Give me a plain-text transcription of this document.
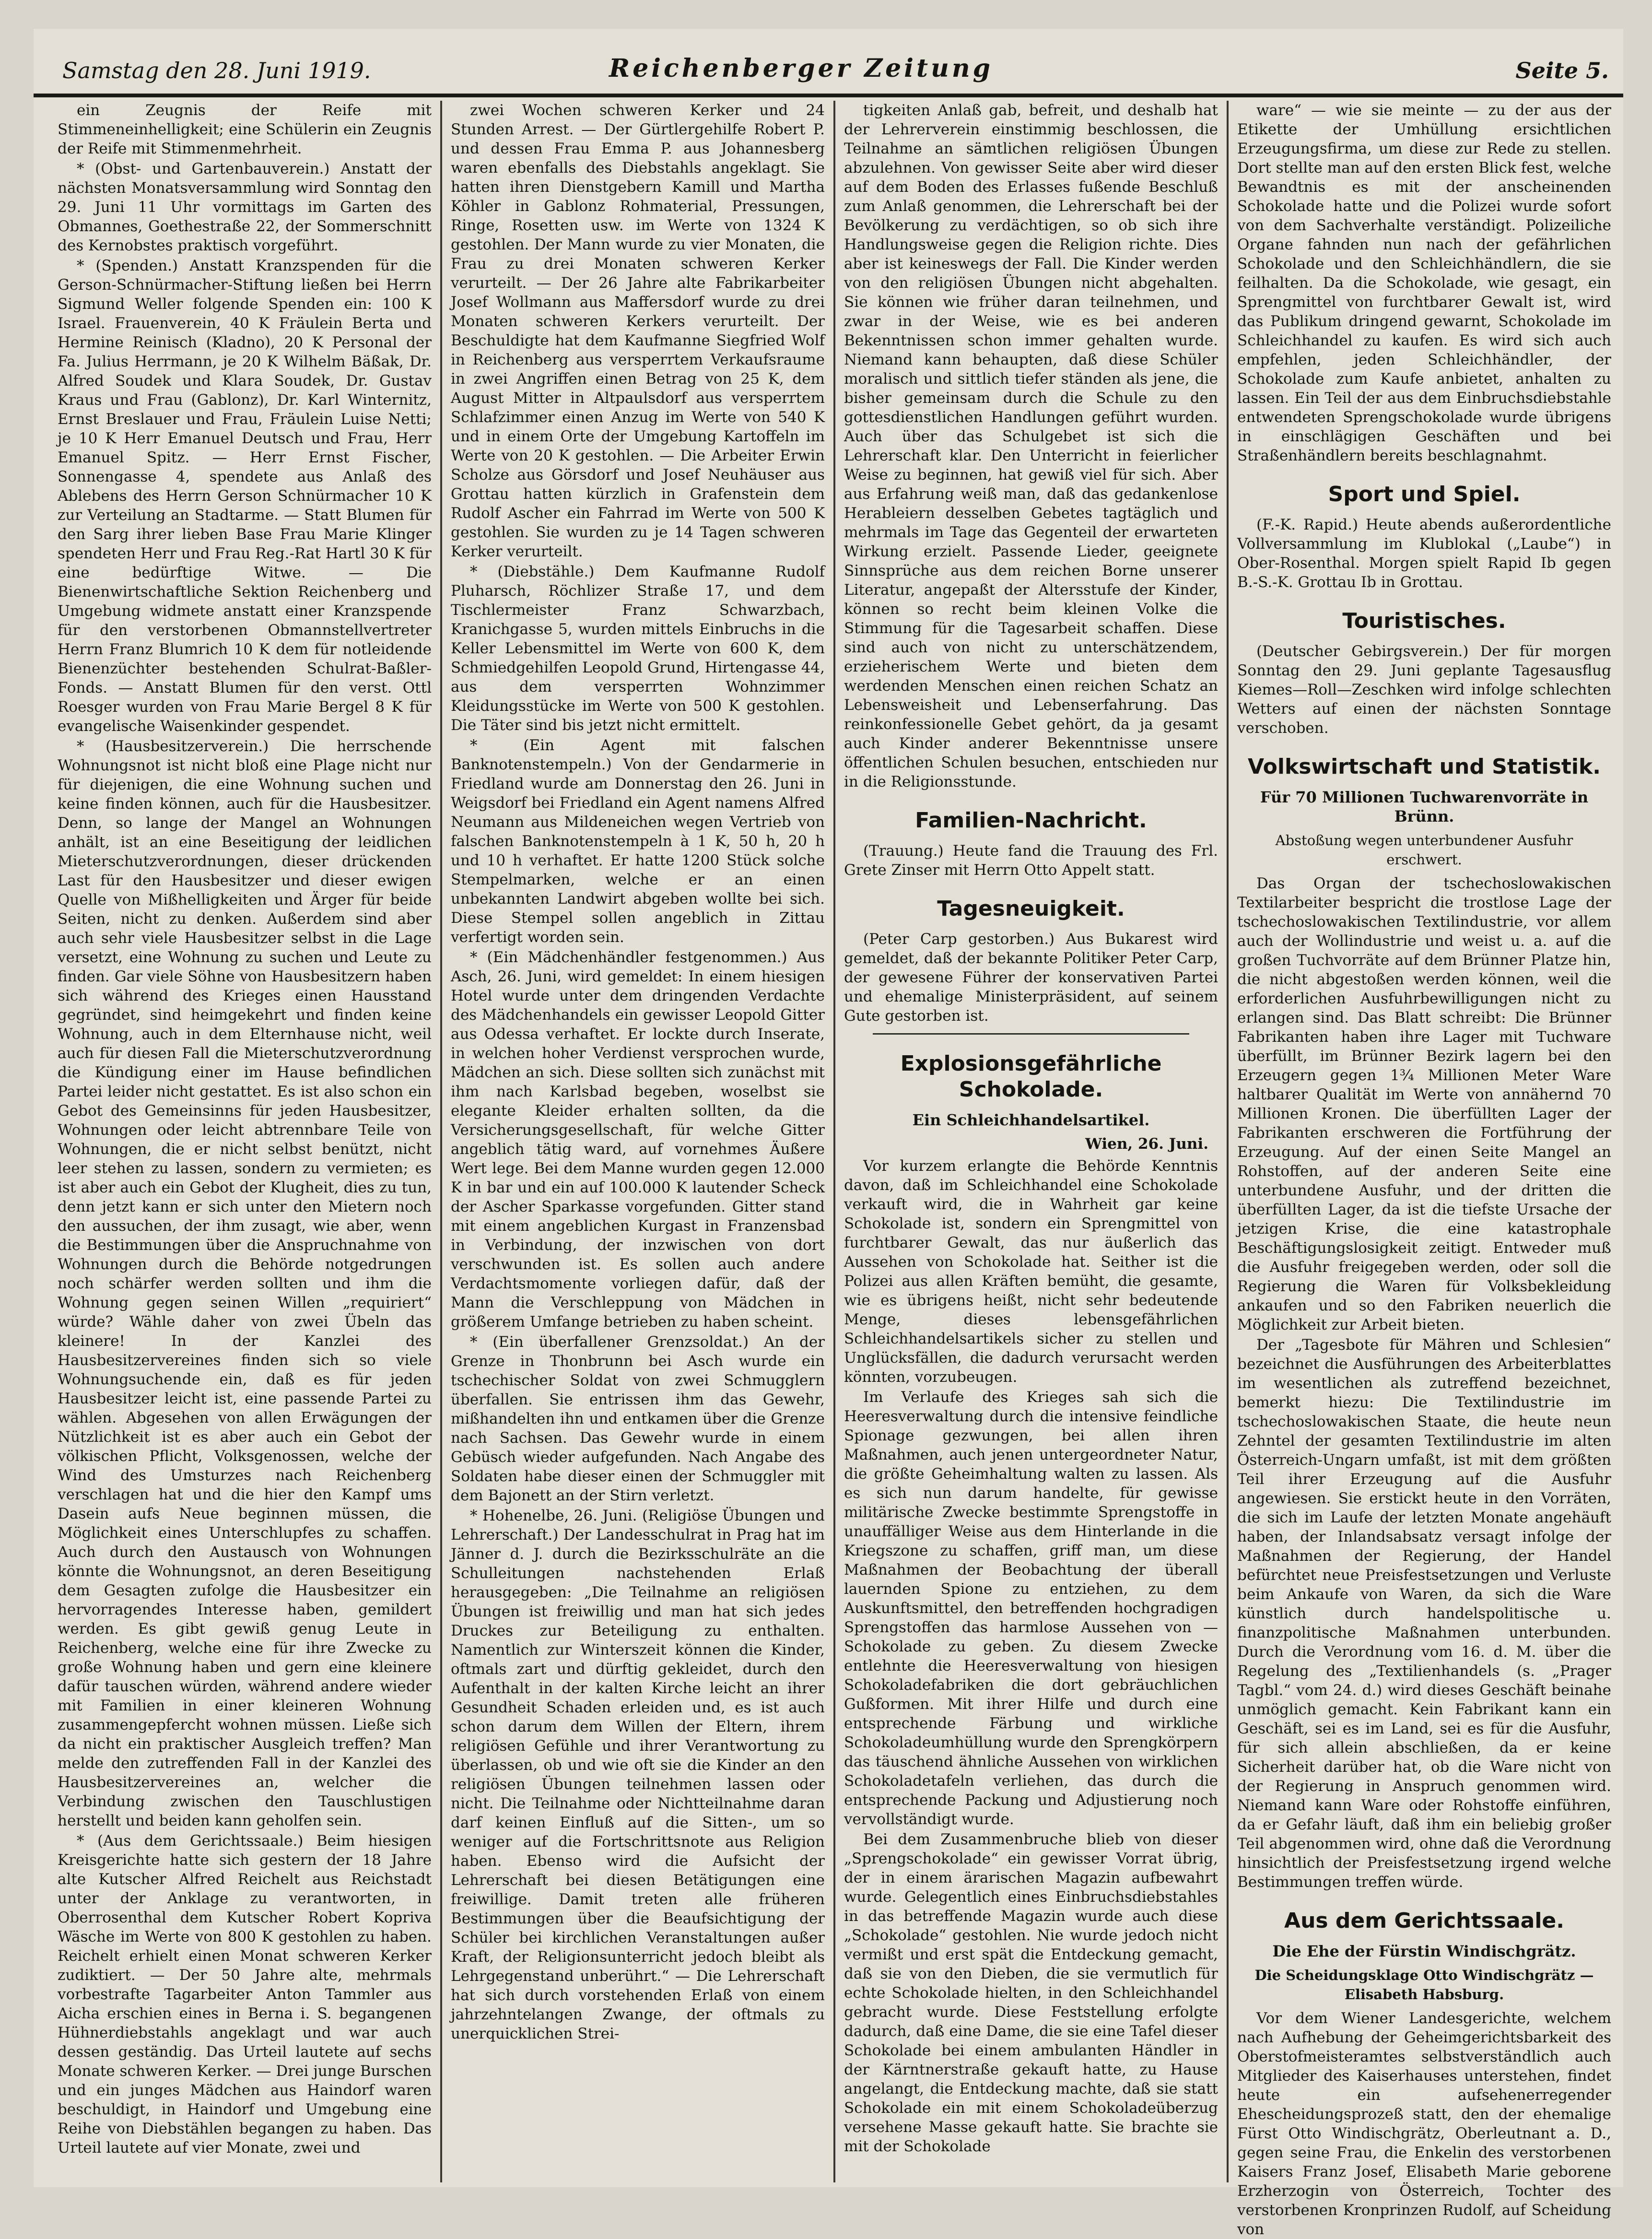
Samstag den 28. Juni 1919.	Reichenberger Zeitung	Seite 5.

ein Zeugnis der Reife mit Stimmeneinhelligkeit; eine Schülerin ein Zeugnis der Reife mit Stimmenmehrheit.

* (Obst- und Gartenbauverein.) Anstatt der nächsten Monatsversammlung wird Sonntag den 29. Juni 11 Uhr vormittags im Garten des Obmannes, Goethestraße 22, der Sommerschnitt des Kernobstes praktisch vorgeführt.

* (Spenden.) Anstatt Kranzspenden für die Gerson-Schnürmacher-Stiftung ließen bei Herrn Sigmund Weller folgende Spenden ein: 100 K Israel. Frauenverein, 40 K Fräulein Berta und Hermine Reinisch (Kladno), 20 K Personal der Fa. Julius Herrmann, je 20 K Wilhelm Bäßak, Dr. Alfred Soudek und Klara Soudek, Dr. Gustav Kraus und Frau (Gablonz), Dr. Karl Winternitz, Ernst Breslauer und Frau, Fräulein Luise Netti; je 10 K Herr Emanuel Deutsch und Frau, Herr Emanuel Spitz. — Herr Ernst Fischer, Sonnengasse 4, spendete aus Anlaß des Ablebens des Herrn Gerson Schnürmacher 10 K zur Verteilung an Stadtarme. — Statt Blumen für den Sarg ihrer lieben Base Frau Marie Klinger spendeten Herr und Frau Reg.-Rat Hartl 30 K für eine bedürftige Witwe. — Die Bienenwirtschaftliche Sektion Reichenberg und Umgebung widmete anstatt einer Kranzspende für den verstorbenen Obmannstellvertreter Herrn Franz Blumrich 10 K dem für notleidende Bienenzüchter bestehenden Schulrat-Baßler-Fonds. — Anstatt Blumen für den verst. Ottl Roesger wurden von Frau Marie Bergel 8 K für evangelische Waisenkinder gespendet.

* (Hausbesitzerverein.) Die herrschende Wohnungsnot ist nicht bloß eine Plage nicht nur für diejenigen, die eine Wohnung suchen und keine finden können, auch für die Hausbesitzer. Denn, so lange der Mangel an Wohnungen anhält, ist an eine Beseitigung der leidlichen Mieterschutzverordnungen, dieser drückenden Last für den Hausbesitzer und dieser ewigen Quelle von Mißhelligkeiten und Ärger für beide Seiten, nicht zu denken. Außerdem sind aber auch sehr viele Hausbesitzer selbst in die Lage versetzt, eine Wohnung zu suchen und Leute zu finden. Gar viele Söhne von Hausbesitzern haben sich während des Krieges einen Hausstand gegründet, sind heimgekehrt und finden keine Wohnung, auch in dem Elternhause nicht, weil auch für diesen Fall die Mieterschutzverordnung die Kündigung einer im Hause befindlichen Partei leider nicht gestattet. Es ist also schon ein Gebot des Gemeinsinns für jeden Hausbesitzer, Wohnungen oder leicht abtrennbare Teile von Wohnungen, die er nicht selbst benützt, nicht leer stehen zu lassen, sondern zu vermieten; es ist aber auch ein Gebot der Klugheit, dies zu tun, denn jetzt kann er sich unter den Mietern noch den aussuchen, der ihm zusagt, wie aber, wenn die Bestimmungen über die Anspruchnahme von Wohnungen durch die Behörde notgedrungen noch schärfer werden sollten und ihm die Wohnung gegen seinen Willen „requiriert“ würde? Wähle daher von zwei Übeln das kleinere! In der Kanzlei des Hausbesitzervereines finden sich so viele Wohnungsuchende ein, daß es für jeden Hausbesitzer leicht ist, eine passende Partei zu wählen. Abgesehen von allen Erwägungen der Nützlichkeit ist es aber auch ein Gebot der völkischen Pflicht, Volksgenossen, welche der Wind des Umsturzes nach Reichenberg verschlagen hat und die hier den Kampf ums Dasein aufs Neue beginnen müssen, die Möglichkeit eines Unterschlupfes zu schaffen. Auch durch den Austausch von Wohnungen könnte die Wohnungsnot, an deren Beseitigung dem Gesagten zufolge die Hausbesitzer ein hervorragendes Interesse haben, gemildert werden. Es gibt gewiß genug Leute in Reichenberg, welche eine für ihre Zwecke zu große Wohnung haben und gern eine kleinere dafür tauschen würden, während andere wieder mit Familien in einer kleineren Wohnung zusammengepfercht wohnen müssen. Ließe sich da nicht ein praktischer Ausgleich treffen? Man melde den zutreffenden Fall in der Kanzlei des Hausbesitzervereines an, welcher die Verbindung zwischen den Tauschlustigen herstellt und beiden kann geholfen sein.

* (Aus dem Gerichtssaale.) Beim hiesigen Kreisgerichte hatte sich gestern der 18 Jahre alte Kutscher Alfred Reichelt aus Reichstadt unter der Anklage zu verantworten, in Oberrosenthal dem Kutscher Robert Kopriva Wäsche im Werte von 800 K gestohlen zu haben. Reichelt erhielt einen Monat schweren Kerker zudiktiert. — Der 50 Jahre alte, mehrmals vorbestrafte Tagarbeiter Anton Tammler aus Aicha erschien eines in Berna i. S. begangenen Hühnerdiebstahls angeklagt und war auch dessen geständig. Das Urteil lautete auf sechs Monate schweren Kerker. — Drei junge Burschen und ein junges Mädchen aus Haindorf waren beschuldigt, in Haindorf und Umgebung eine Reihe von Diebstählen begangen zu haben. Das Urteil lautete auf vier Monate, zwei und

zwei Wochen schweren Kerker und 24 Stunden Arrest. — Der Gürtlergehilfe Robert P. und dessen Frau Emma P. aus Johannesberg waren ebenfalls des Diebstahls angeklagt. Sie hatten ihren Dienstgebern Kamill und Martha Köhler in Gablonz Rohmaterial, Pressungen, Ringe, Rosetten usw. im Werte von 1324 K gestohlen. Der Mann wurde zu vier Monaten, die Frau zu drei Monaten schweren Kerker verurteilt. — Der 26 Jahre alte Fabrikarbeiter Josef Wollmann aus Maffersdorf wurde zu drei Monaten schweren Kerkers verurteilt. Der Beschuldigte hat dem Kaufmanne Siegfried Wolf in Reichenberg aus versperrtem Verkaufsraume in zwei Angriffen einen Betrag von 25 K, dem August Mitter in Altpaulsdorf aus versperrtem Schlafzimmer einen Anzug im Werte von 540 K und in einem Orte der Umgebung Kartoffeln im Werte von 20 K gestohlen. — Die Arbeiter Erwin Scholze aus Görsdorf und Josef Neuhäuser aus Grottau hatten kürzlich in Grafenstein dem Rudolf Ascher ein Fahrrad im Werte von 500 K gestohlen. Sie wurden zu je 14 Tagen schweren Kerker verurteilt.

* (Diebstähle.) Dem Kaufmanne Rudolf Pluharsch, Röchlizer Straße 17, und dem Tischlermeister Franz Schwarzbach, Kranichgasse 5, wurden mittels Einbruchs in die Keller Lebensmittel im Werte von 600 K, dem Schmiedgehilfen Leopold Grund, Hirtengasse 44, aus dem versperrten Wohnzimmer Kleidungsstücke im Werte von 500 K gestohlen. Die Täter sind bis jetzt nicht ermittelt.

* (Ein Agent mit falschen Banknotenstempeln.) Von der Gendarmerie in Friedland wurde am Donnerstag den 26. Juni in Weigsdorf bei Friedland ein Agent namens Alfred Neumann aus Mildeneichen wegen Vertrieb von falschen Banknotenstempeln à 1 K, 50 h, 20 h und 10 h verhaftet. Er hatte 1200 Stück solche Stempelmarken, welche er an einen unbekannten Landwirt abgeben wollte bei sich. Diese Stempel sollen angeblich in Zittau verfertigt worden sein.

* (Ein Mädchenhändler festgenommen.) Aus Asch, 26. Juni, wird gemeldet: In einem hiesigen Hotel wurde unter dem dringenden Verdachte des Mädchenhandels ein gewisser Leopold Gitter aus Odessa verhaftet. Er lockte durch Inserate, in welchen hoher Verdienst versprochen wurde, Mädchen an sich. Diese sollten sich zunächst mit ihm nach Karlsbad begeben, woselbst sie elegante Kleider erhalten sollten, da die Versicherungsgesellschaft, für welche Gitter angeblich tätig ward, auf vornehmes Äußere Wert lege. Bei dem Manne wurden gegen 12.000 K in bar und ein auf 100.000 K lautender Scheck der Ascher Sparkasse vorgefunden. Gitter stand mit einem angeblichen Kurgast in Franzensbad in Verbindung, der inzwischen von dort verschwunden ist. Es sollen auch andere Verdachtsmomente vorliegen dafür, daß der Mann die Verschleppung von Mädchen in größerem Umfange betrieben zu haben scheint.

* (Ein überfallener Grenzsoldat.) An der Grenze in Thonbrunn bei Asch wurde ein tschechischer Soldat von zwei Schmugglern überfallen. Sie entrissen ihm das Gewehr, mißhandelten ihn und entkamen über die Grenze nach Sachsen. Das Gewehr wurde in einem Gebüsch wieder aufgefunden. Nach Angabe des Soldaten habe dieser einen der Schmuggler mit dem Bajonett an der Stirn verletzt.

* Hohenelbe, 26. Juni. (Religiöse Übungen und Lehrerschaft.) Der Landesschulrat in Prag hat im Jänner d. J. durch die Bezirksschulräte an die Schulleitungen nachstehenden Erlaß herausgegeben: „Die Teilnahme an religiösen Übungen ist freiwillig und man hat sich jedes Druckes zur Beteiligung zu enthalten. Namentlich zur Winterszeit können die Kinder, oftmals zart und dürftig gekleidet, durch den Aufenthalt in der kalten Kirche leicht an ihrer Gesundheit Schaden erleiden und, es ist auch schon darum dem Willen der Eltern, ihrem religiösen Gefühle und ihrer Verantwortung zu überlassen, ob und wie oft sie die Kinder an den religiösen Übungen teilnehmen lassen oder nicht. Die Teilnahme oder Nichtteilnahme daran darf keinen Einfluß auf die Sitten-, um so weniger auf die Fortschrittsnote aus Religion haben. Ebenso wird die Aufsicht der Lehrerschaft bei diesen Betätigungen eine freiwillige. Damit treten alle früheren Bestimmungen über die Beaufsichtigung der Schüler bei kirchlichen Veranstaltungen außer Kraft, der Religionsunterricht jedoch bleibt als Lehrgegenstand unberührt.“ — Die Lehrerschaft hat sich durch vorstehenden Erlaß von einem jahrzehntelangen Zwange, der oftmals zu unerquicklichen Strei-

tigkeiten Anlaß gab, befreit, und deshalb hat der Lehrerverein einstimmig beschlossen, die Teilnahme an sämtlichen religiösen Übungen abzulehnen. Von gewisser Seite aber wird dieser auf dem Boden des Erlasses fußende Beschluß zum Anlaß genommen, die Lehrerschaft bei der Bevölkerung zu verdächtigen, so ob sich ihre Handlungsweise gegen die Religion richte. Dies aber ist keineswegs der Fall. Die Kinder werden von den religiösen Übungen nicht abgehalten. Sie können wie früher daran teilnehmen, und zwar in der Weise, wie es bei anderen Bekenntnissen schon immer gehalten wurde. Niemand kann behaupten, daß diese Schüler moralisch und sittlich tiefer ständen als jene, die bisher gemeinsam durch die Schule zu den gottesdienstlichen Handlungen geführt wurden. Auch über das Schulgebet ist sich die Lehrerschaft klar. Den Unterricht in feierlicher Weise zu beginnen, hat gewiß viel für sich. Aber aus Erfahrung weiß man, daß das gedankenlose Herableiern desselben Gebetes tagtäglich und mehrmals im Tage das Gegenteil der erwarteten Wirkung erzielt. Passende Lieder, geeignete Sinnsprüche aus dem reichen Borne unserer Literatur, angepaßt der Altersstufe der Kinder, können so recht beim kleinen Volke die Stimmung für die Tagesarbeit schaffen. Diese sind auch von nicht zu unterschätzendem, erzieherischem Werte und bieten dem werdenden Menschen einen reichen Schatz an Lebensweisheit und Lebenserfahrung. Das reinkonfessionelle Gebet gehört, da ja gesamt auch Kinder anderer Bekenntnisse unsere öffentlichen Schulen besuchen, entschieden nur in die Religionsstunde.

Familien-Nachricht.

(Trauung.) Heute fand die Trauung des Frl. Grete Zinser mit Herrn Otto Appelt statt.

Tagesneuigkeit.

(Peter Carp gestorben.) Aus Bukarest wird gemeldet, daß der bekannte Politiker Peter Carp, der gewesene Führer der konservativen Partei und ehemalige Ministerpräsident, auf seinem Gute gestorben ist.

Explosionsgefährliche Schokolade.
Ein Schleichhandelsartikel.
Wien, 26. Juni.

Vor kurzem erlangte die Behörde Kenntnis davon, daß im Schleichhandel eine Schokolade verkauft wird, die in Wahrheit gar keine Schokolade ist, sondern ein Sprengmittel von furchtbarer Gewalt, das nur äußerlich das Aussehen von Schokolade hat. Seither ist die Polizei aus allen Kräften bemüht, die gesamte, wie es übrigens heißt, nicht sehr bedeutende Menge, dieses lebensgefährlichen Schleichhandelsartikels sicher zu stellen und Unglücksfällen, die dadurch verursacht werden könnten, vorzubeugen.

Im Verlaufe des Krieges sah sich die Heeresverwaltung durch die intensive feindliche Spionage gezwungen, bei allen ihren Maßnahmen, auch jenen untergeordneter Natur, die größte Geheimhaltung walten zu lassen. Als es sich nun darum handelte, für gewisse militärische Zwecke bestimmte Sprengstoffe in unauffälliger Weise aus dem Hinterlande in die Kriegszone zu schaffen, griff man, um diese Maßnahmen der Beobachtung der überall lauernden Spione zu entziehen, zu dem Auskunftsmittel, den betreffenden hochgradigen Sprengstoffen das harmlose Aussehen von — Schokolade zu geben. Zu diesem Zwecke entlehnte die Heeresverwaltung von hiesigen Schokoladefabriken die dort gebräuchlichen Gußformen. Mit ihrer Hilfe und durch eine entsprechende Färbung und wirkliche Schokoladeumhüllung wurde den Sprengkörpern das täuschend ähnliche Aussehen von wirklichen Schokoladetafeln verliehen, das durch die entsprechende Packung und Adjustierung noch vervollständigt wurde.

Bei dem Zusammenbruche blieb von dieser „Sprengschokolade“ ein gewisser Vorrat übrig, der in einem ärarischen Magazin aufbewahrt wurde. Gelegentlich eines Einbruchsdiebstahles in das betreffende Magazin wurde auch diese „Schokolade“ gestohlen. Nie wurde jedoch nicht vermißt und erst spät die Entdeckung gemacht, daß sie von den Dieben, die sie vermutlich für echte Schokolade hielten, in den Schleichhandel gebracht wurde. Diese Feststellung erfolgte dadurch, daß eine Dame, die sie eine Tafel dieser Schokolade bei einem ambulanten Händler in der Kärntnerstraße gekauft hatte, zu Hause angelangt, die Entdeckung machte, daß sie statt Schokolade ein mit einem Schokoladeüberzug versehene Masse gekauft hatte. Sie brachte sie mit der Schokolade

ware“ — wie sie meinte — zu der aus der Etikette der Umhüllung ersichtlichen Erzeugungsfirma, um diese zur Rede zu stellen. Dort stellte man auf den ersten Blick fest, welche Bewandtnis es mit der anscheinenden Schokolade hatte und die Polizei wurde sofort von dem Sachverhalte verständigt. Polizeiliche Organe fahnden nun nach der gefährlichen Schokolade und den Schleichhändlern, die sie feilhalten. Da die Schokolade, wie gesagt, ein Sprengmittel von furchtbarer Gewalt ist, wird das Publikum dringend gewarnt, Schokolade im Schleichhandel zu kaufen. Es wird sich auch empfehlen, jeden Schleichhändler, der Schokolade zum Kaufe anbietet, anhalten zu lassen. Ein Teil der aus dem Einbruchsdiebstahle entwendeten Sprengschokolade wurde übrigens in einschlägigen Geschäften und bei Straßenhändlern bereits beschlagnahmt.

Sport und Spiel.

(F.-K. Rapid.) Heute abends außerordentliche Vollversammlung im Klublokal („Laube“) in Ober-Rosenthal. Morgen spielt Rapid Ib gegen B.-S.-K. Grottau Ib in Grottau.

Touristisches.

(Deutscher Gebirgsverein.) Der für morgen Sonntag den 29. Juni geplante Tagesausflug Kiemes—Roll—Zeschken wird infolge schlechten Wetters auf einen der nächsten Sonntage verschoben.

Volkswirtschaft und Statistik.
Für 70 Millionen Tuchwarenvorräte in Brünn.
Abstoßung wegen unterbundener Ausfuhr erschwert.

Das Organ der tschechoslowakischen Textilarbeiter bespricht die trostlose Lage der tschechoslowakischen Textilindustrie, vor allem auch der Wollindustrie und weist u. a. auf die großen Tuchvorräte auf dem Brünner Platze hin, die nicht abgestoßen werden können, weil die erforderlichen Ausfuhrbewilligungen nicht zu erlangen sind. Das Blatt schreibt: Die Brünner Fabrikanten haben ihre Lager mit Tuchware überfüllt, im Brünner Bezirk lagern bei den Erzeugern gegen 1¾ Millionen Meter Ware haltbarer Qualität im Werte von annähernd 70 Millionen Kronen. Die überfüllten Lager der Fabrikanten erschweren die Fortführung der Erzeugung. Auf der einen Seite Mangel an Rohstoffen, auf der anderen Seite eine unterbundene Ausfuhr, und der dritten die überfüllten Lager, da ist die tiefste Ursache der jetzigen Krise, die eine katastrophale Beschäftigungslosigkeit zeitigt. Entweder muß die Ausfuhr freigegeben werden, oder soll die Regierung die Waren für Volksbekleidung ankaufen und so den Fabriken neuerlich die Möglichkeit zur Arbeit bieten.

Der „Tagesbote für Mähren und Schlesien“ bezeichnet die Ausführungen des Arbeiterblattes im wesentlichen als zutreffend bezeichnet, bemerkt hiezu: Die Textilindustrie im tschechoslowakischen Staate, die heute neun Zehntel der gesamten Textilindustrie im alten Österreich-Ungarn umfaßt, ist mit dem größten Teil ihrer Erzeugung auf die Ausfuhr angewiesen. Sie erstickt heute in den Vorräten, die sich im Laufe der letzten Monate angehäuft haben, der Inlandsabsatz versagt infolge der Maßnahmen der Regierung, der Handel befürchtet neue Preisfestsetzungen und Verluste beim Ankaufe von Waren, da sich die Ware künstlich durch handelspolitische u. finanzpolitische Maßnahmen unterbunden. Durch die Verordnung vom 16. d. M. über die Regelung des „Textilienhandels (s. „Prager Tagbl.“ vom 24. d.) wird dieses Geschäft beinahe unmöglich gemacht. Kein Fabrikant kann ein Geschäft, sei es im Land, sei es für die Ausfuhr, für sich allein abschließen, da er keine Sicherheit darüber hat, ob die Ware nicht von der Regierung in Anspruch genommen wird. Niemand kann Ware oder Rohstoffe einführen, da er Gefahr läuft, daß ihm ein beliebig großer Teil abgenommen wird, ohne daß die Verordnung hinsichtlich der Preisfestsetzung irgend welche Bestimmungen treffen würde.

Aus dem Gerichtssaale.
Die Ehe der Fürstin Windischgrätz.
Die Scheidungsklage Otto Windischgrätz — Elisabeth Habsburg.

Vor dem Wiener Landesgerichte, welchem nach Aufhebung der Geheimgerichtsbarkeit des Oberstofmeisteramtes selbstverständlich auch Mitglieder des Kaiserhauses unterstehen, findet heute ein aufsehenerregender Ehescheidungsprozeß statt, den der ehemalige Fürst Otto Windischgrätz, Oberleutnant a. D., gegen seine Frau, die Enkelin des verstorbenen Kaisers Franz Josef, Elisabeth Marie geborene Erzherzogin von Österreich, Tochter des verstorbenen Kronprinzen Rudolf, auf Scheidung von
